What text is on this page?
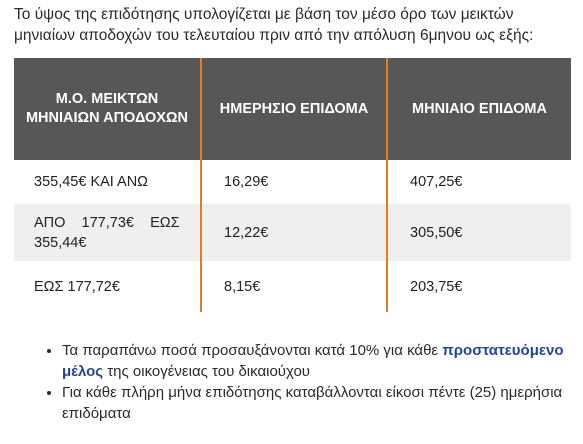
Το ύψος της επιδότησης υπολογίζεται με βάση τον μέσο όρο των μεικτών μηνιαίων αποδοχών του τελευταίου πριν από την απόλυση 6μηνου ως εξής:

Μ.Ο. ΜΕΙΚΤΩΝ ΜΗΝΙΑΙΩΝ ΑΠΟΔΟΧΩΝ	ΗΜΕΡΗΣΙΟ ΕΠΙΔΟΜΑ	ΜΗΝΙΑΙΟ ΕΠΙΔΟΜΑ
355,45€ ΚΑΙ ΑΝΩ	16,29€	407,25€
ΑΠΟ    177,73€    ΕΩΣ 355,44€	12,22€	305,50€
ΕΩΣ 177,72€	8,15€	203,75€
• Τα παραπάνω ποσά προσαυξάνονται κατά 10% για κάθε προστατευόμενο μέλος της οικογένειας του δικαιούχου
• Για κάθε πλήρη μήνα επιδότησης καταβάλλονται είκοσι πέντε (25) ημερήσια επιδόματα
